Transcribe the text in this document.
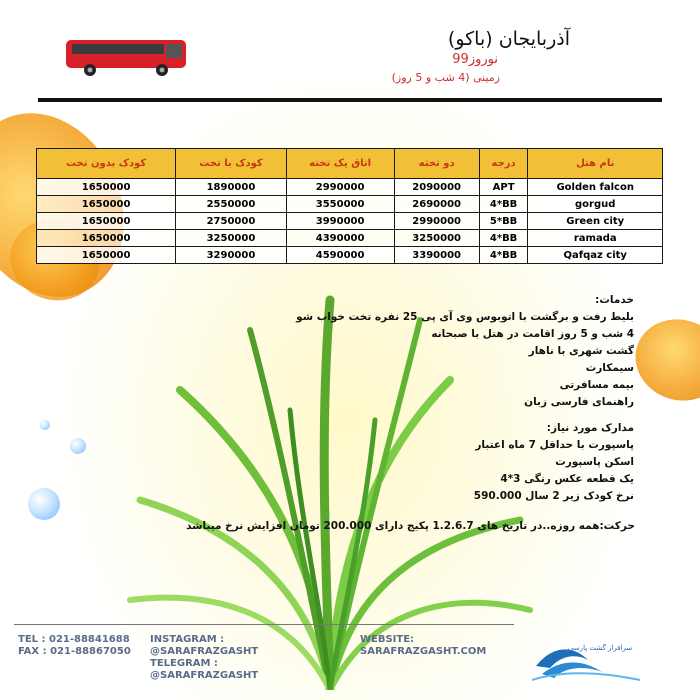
آذربایجان (باکو)
نوروز99
زمینی (4 شب و 5 روز)
کودک بدون تخت	کودک با تخت	اتاق یک تخته	دو تخته	درجه	نام هتل
1650000	1890000	2990000	2090000	APT	Golden falcon
1650000	2550000	3550000	2690000	4*BB	gorgud
1650000	2750000	3990000	2990000	5*BB	Green city
1650000	3250000	4390000	3250000	4*BB	ramada
1650000	3290000	4590000	3390000	4*BB	Qafqaz city
خدمات:
بلیط رفت و برگشت با اتوبوس وی آی پی 25 نفره تخت خواب شو
4 شب و 5 روز اقامت در هتل با صبحانه
گشت شهری با ناهار
سیمکارت
بیمه مسافرتی
راهنمای فارسی زبان
مدارک مورد نیاز:
پاسپورت با حداقل 7 ماه اعتبار
اسکن پاسپورت
یک قطعه عکس رنگی 3*4
نرخ کودک زیر 2 سال 590.000
حرکت:همه روزه..در تاریخ های 1.2.6.7 پکیج دارای 200.000 تومان افزایش نرخ میباشد
TEL : 021-88841688
FAX : 021-88867050
INSTAGRAM :
@SARAFRAZGASHT
TELEGRAM :
@SARAFRAZGASHT
WEBSITE:
SARAFRAZGASHT.COM	سرافراز گشت پارسی
